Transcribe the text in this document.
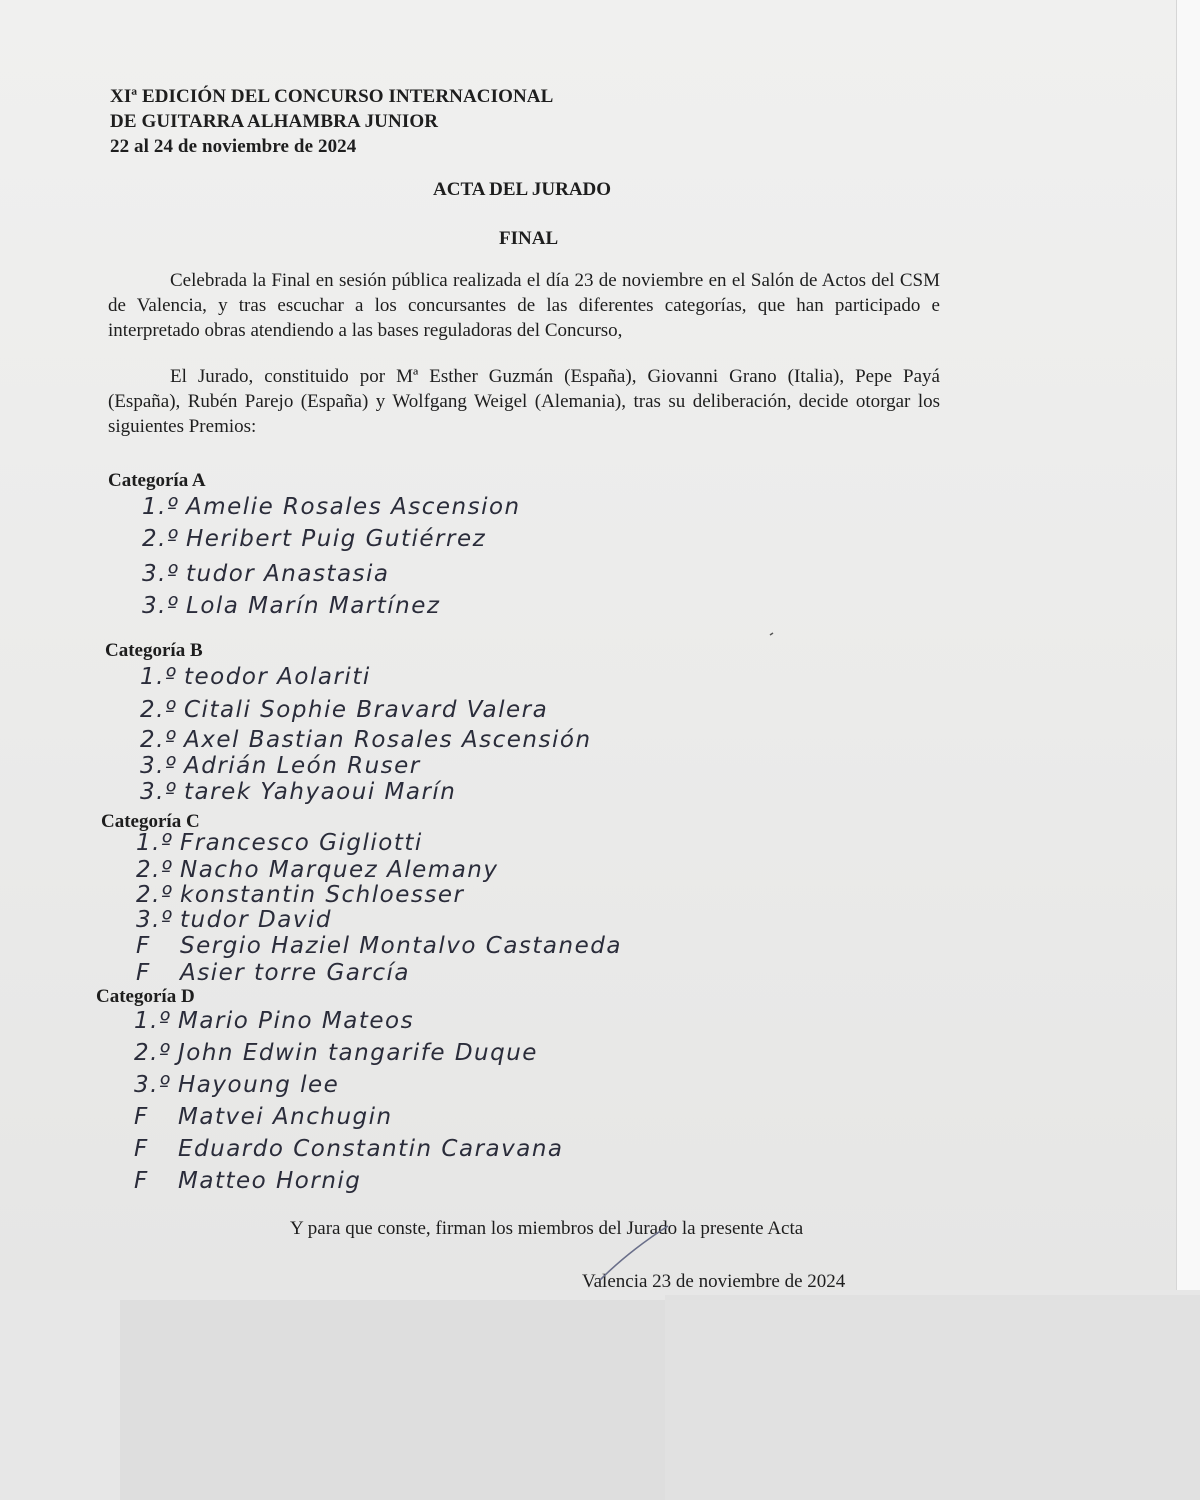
XIª EDICIÓN DEL CONCURSO INTERNACIONAL
DE GUITARRA ALHAMBRA JUNIOR
22 al 24 de noviembre de 2024
ACTA DEL JURADO
FINAL
Celebrada la Final en sesión pública realizada el día 23 de noviembre en el Salón de Actos del CSM de Valencia, y tras escuchar a los concursantes de las diferentes categorías, que han participado e interpretado obras atendiendo a las bases reguladoras del Concurso,
El Jurado, constituido por Mª Esther Guzmán (España), Giovanni Grano (Italia), Pepe Payá (España), Rubén Parejo (España) y Wolfgang Weigel (Alemania), tras su deliberación, decide otorgar los siguientes Premios:
Categoría A
1.º Amelie Rosales Ascension
2.º Heribert Puig Gutiérrez
3.º tudor Anastasia
3.º Lola Marín Martínez
Categoría B
1.º teodor Aolariti
2.º Citali Sophie Bravard Valera
2.º Axel Bastian Rosales Ascensión
3.º Adrián León Ruser
3.º tarek Yahyaoui Marín
Categoría C
1.º Francesco Gigliotti
2.º Nacho Marquez Alemany
2.º konstantin Schloesser
3.º tudor David
F Sergio Haziel Montalvo Castaneda
F Asier torre García
Categoría D
1.º Mario Pino Mateos
2.º John Edwin tangarife Duque
3.º Hayoung lee
F Matvei Anchugin
F Eduardo Constantin Caravana
F Matteo Hornig
Y para que conste, firman los miembros del Jurado la presente Acta
Valencia 23 de noviembre de 2024
